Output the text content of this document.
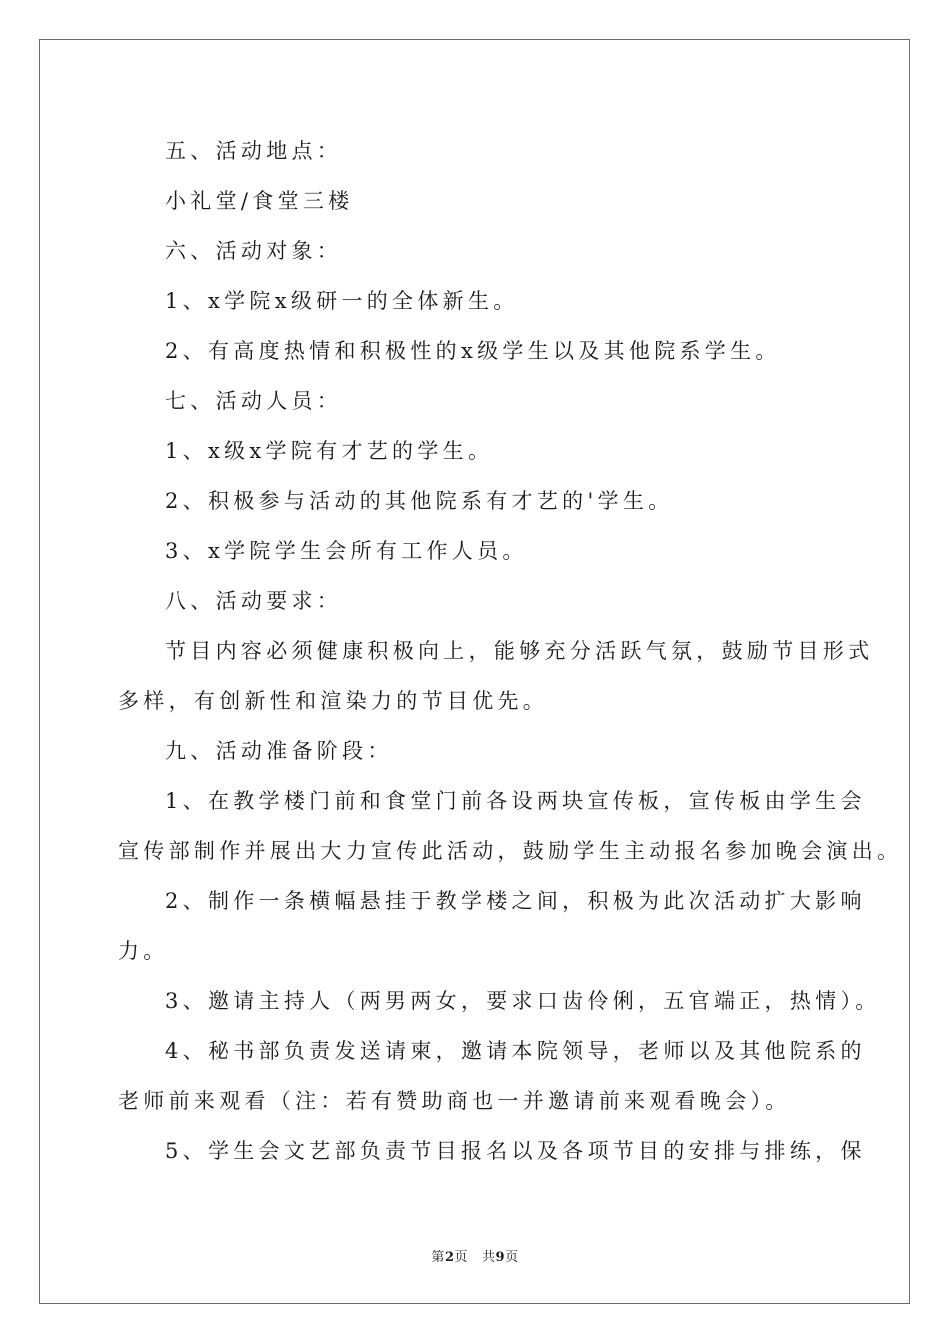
五、活动地点：
小礼堂/食堂三楼
六、活动对象：
1、x学院x级研一的全体新生。
2、有高度热情和积极性的x级学生以及其他院系学生。
七、活动人员：
1、x级x学院有才艺的学生。
2、积极参与活动的其他院系有才艺的'学生。
3、x学院学生会所有工作人员。
八、活动要求：
节目内容必须健康积极向上，能够充分活跃气氛，鼓励节目形式
多样，有创新性和渲染力的节目优先。
九、活动准备阶段：
1、在教学楼门前和食堂门前各设两块宣传板，宣传板由学生会
宣传部制作并展出大力宣传此活动，鼓励学生主动报名参加晚会演出。
2、制作一条横幅悬挂于教学楼之间，积极为此次活动扩大影响
力。
3、邀请主持人（两男两女，要求口齿伶俐，五官端正，热情）。
4、秘书部负责发送请柬，邀请本院领导，老师以及其他院系的
老师前来观看（注：若有赞助商也一并邀请前来观看晚会）。
5、学生会文艺部负责节目报名以及各项节目的安排与排练，保
第2页 共9页
